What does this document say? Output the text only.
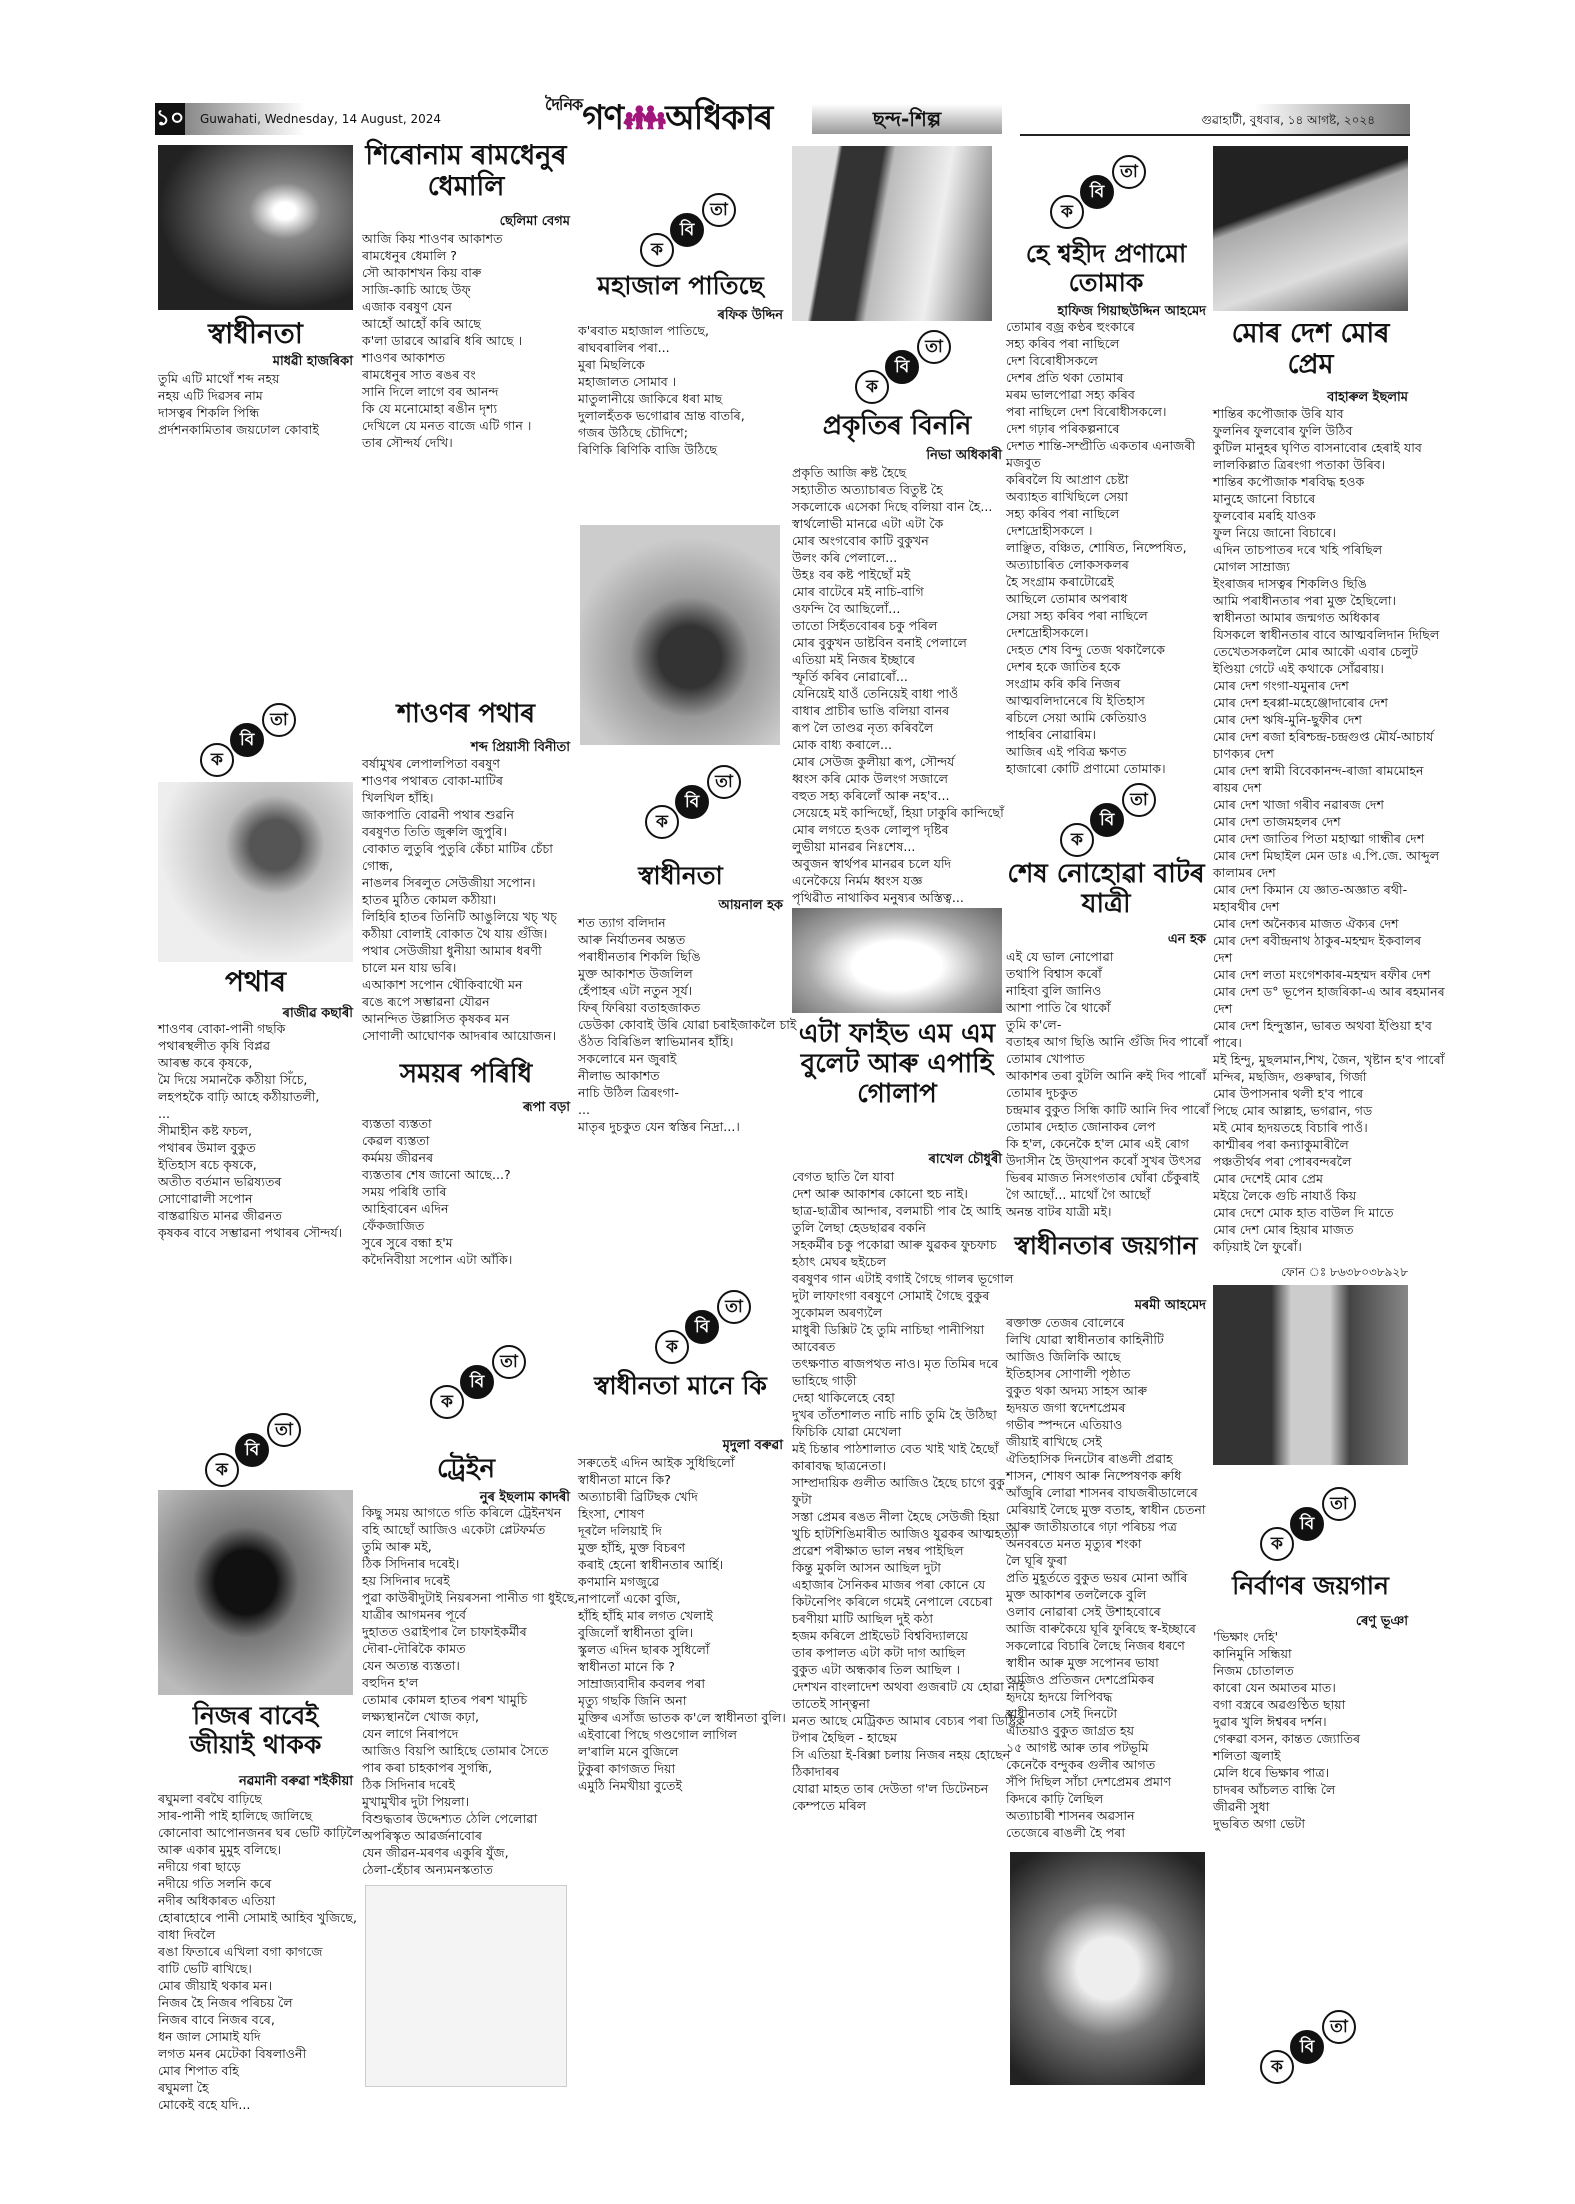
১০ Guwahati, Wednesday, 14 August, 2024
$^{দৈনিক}$গণ👪︎অধিকাৰ	ছন্দ-শিল্প	গুৱাহাটী, বুধবাৰ, ১৪ আগষ্ট, ২০২৪
ক
বি
তা	ক
বি
তা
ক
বি
তা
ক
বি
তা
ক
বি
তা
ক
বি
তা
ক
বি
তা
ক
বি
তা
ক
বি
তা
ক
বি
তা
ক
বি
তা
স্বাধীনতা
মাধৱী হাজৰিকা
তুমি এটি মাথোঁ শব্দ নহয়
নহয় এটি দিৱসৰ নাম
দাসত্বৰ শিকলি পিন্ধি
প্ৰৰ্দশনকামিতাৰ জয়ঢোল কোবাই
শিৰোনাম ৰামধেনুৰ ধেমালি
ছেলিমা বেগম
আজি কিয় শাওণৰ আকাশত
ৰামধেনুৰ ধেমালি ?
সৌ আকাশখন কিয় বাৰু
সাজি-কাচি আছে উফ্
এজাক বৰষুণ যেন
আহোঁ আহোঁ কৰি আছে
ক'লা ডাৱৰে আৱৰি ধৰি আছে ।
শাওণৰ আকাশত
ৰামধেনুৰ সাত ৰঙৰ বং
সানি দিলে লাগে বৰ আনন্দ
কি যে মনোমোহা ৰঙীন দৃশ্য
দেখিলে যে মনত বাজে এটি গান ।
তাৰ সৌন্দৰ্য দেখি।
মহাজাল পাতিছে
ৰফিক উদ্দিন
ক'ৰবাত মহাজাল পাতিছে,
ৰাঘবৰালিৰ পৰা...
মুৰা মিছলিকে
মহাজালত সোমাব ।
মাতুলানীয়ে জাকিৰে ধৰা মাছ
দুলালহঁতক ভগোৱাৰ ভ্ৰান্ত বাতৰি,
গজৰ উঠিছে চৌদিশে;
ৰিণিকি ৰিণিকি বাজি উঠিছে
প্ৰকৃতিৰ বিননি
নিভা অধিকাৰী
প্ৰকৃতি আজি ৰুষ্ট হৈছে
সহ্যাতীত অত্যাচাৰত বিতুষ্ট হৈ
সকলোকে এসেকা দিছে বলিয়া বান হৈ...
স্বাৰ্থলোভী মানৱে এটা এটা কৈ
মোৰ অংগবোৰ কাটি বুকুখন
উলং কৰি পেলালে...
উহঃ বৰ কষ্ট পাইছোঁ মই
মোৰ বাটেৰে মই নাচি-বাগি
ওফন্দি বৈ আছিলোঁ...
তাতো সিহঁতবোৰৰ চকু পৰিল
মোৰ বুকুখন ডাষ্টবিন বনাই পেলালে
এতিয়া মই নিজৰ ইচ্ছাৰে
স্ফূৰ্তি কৰিব নোৱাৰোঁ...
যেনিয়েই যাওঁ তেনিয়েই বাধা পাওঁ
বাধাৰ প্ৰাচীৰ ভাঙি বলিয়া বানৰ
ৰূপ লৈ তাণ্ডৱ নৃত্য কৰিবলৈ
মোক বাধ্য কৰালে...
মোৰ সেউজ কুলীয়া ৰূপ, সৌন্দৰ্য
ধ্বংস কৰি মোক উলংগ সজালে
বহুত সহ্য কৰিলোঁ আৰু নহ'ব...
সেয়েহে মই কান্দিছোঁ, হিয়া ঢাকুৰি কান্দিছোঁ
মোৰ লগতে হওক লোলুপ দৃষ্টিৰ
লুভীয়া মানৱৰ নিঃশেষ...
অবুজন স্বাৰ্থপৰ মানৱৰ চলে যদি
এনেকৈয়ে নিৰ্মম ধ্বংস যজ্ঞ
পৃথিৱীত নাথাকিব মনুষ্যৰ অস্তিত্ব...
হে শ্বহীদ প্ৰণামো তোমাক
হাফিজ গিয়াছউদ্দিন আহমেদ
তোমাৰ বজ্ৰ কণ্ঠৰ হুংকাৰে
সহ্য কৰিব পৰা নাছিলে
দেশ বিৰোধীসকলে
দেশৰ প্ৰতি থকা তোমাৰ
মৰম ভালপোৱা সহ্য কৰিব
পৰা নাছিলে দেশ বিৰোধীসকলে।
দেশ গঢ়াৰ পৰিকল্পনাৰে
দেশত শান্তি-সম্প্ৰীতি একতাৰ এনাজৰী
মজবুত
কৰিবলৈ যি আপ্ৰাণ চেষ্টা
অব্যাহত ৰাখিছিলে সেয়া
সহ্য কৰিব পৰা নাছিলে
দেশদ্ৰোহীসকলে ।
লাঞ্ছিত, বঞ্চিত, শোষিত, নিষ্পেষিত,
অত্যাচাৰিত লোকসকলৰ
হৈ সংগ্ৰাম কৰাটোৱেই
আছিলে তোমাৰ অপৰাধ
সেয়া সহ্য কৰিব পৰা নাছিলে
দেশদ্ৰোহীসকলে।
দেহত শেষ বিন্দু তেজ থকালৈকে
দেশৰ হকে জাতিৰ হকে
সংগ্ৰাম কৰি কৰি নিজৰ
আত্মবলিদানেৰে যি ইতিহাস
ৰচিলে সেয়া আমি কেতিয়াও
পাহৰিব নোৱাৰিম।
আজিৰ এই পবিত্ৰ ক্ষণত
হাজাৰো কোটি প্ৰণামো তোমাক।
মোৰ দেশ মোৰ প্ৰেম
বাহাৰুল ইছলাম
শান্তিৰ কপৌজাক উৰি যাব
ফুলনিৰ ফুলবোৰ ফুলি উঠিব
কুটিল মানুহৰ ঘৃণিত বাসনাবোৰ হেৰাই যাব
লালকিল্লাত ত্ৰিৰংগা পতাকা উৰিব।
শান্তিৰ কপৌজাক শৰবিদ্ধ হওক
মানুহে জানো বিচাৰে
ফুলবোৰ মৰহি যাওক
ফুল নিয়ে জানো বিচাৰে।
এদিন তাচপাতৰ দৰে খহি পৰিছিল
মোগল সাম্ৰাজ্য
ইংৰাজৰ দাসত্বৰ শিকলিও ছিঙি
আমি পৰাধীনতাৰ পৰা মুক্ত হৈছিলো।
স্বাধীনতা আমাৰ জন্মগত অধিকাৰ
যিসকলে স্বাধীনতাৰ বাবে আত্মবলিদান দিছিল
তেখেতসকললৈ মোৰ আকৌ এবাৰ চেলুট
ইণ্ডিয়া গেটে এই কথাকে সোঁৱৰায়।
মোৰ দেশ গংগা-যমুনাৰ দেশ
মোৰ দেশ হৰপ্পা-মহেঞ্জোদাৰোৰ দেশ
মোৰ দেশ ঋষি-মুনি-ছুফীৰ দেশ
মোৰ দেশ ৰজা হৰিশ্চন্দ্ৰ-চন্দ্ৰগুপ্ত মৌৰ্য-আচাৰ্য
চাণক্যৰ দেশ
মোৰ দেশ স্বামী বিবেকানন্দ-ৰাজা ৰামমোহন
ৰায়ৰ দেশ
মোৰ দেশ খাজা গৰীব নৱাৰজ দেশ
মোৰ দেশ তাজমহলৰ দেশ
মোৰ দেশ জাতিৰ পিতা মহাত্মা গান্ধীৰ দেশ
মোৰ দেশ মিছাইল মেন ডাঃ এ.পি.জে. আব্দুল
কালামৰ দেশ
মোৰ দেশ কিমান যে জ্ঞাত-অজ্ঞাত ৰথী-
মহাৰথীৰ দেশ
মোৰ দেশ অনৈক্যৰ মাজত ঐক্যৰ দেশ
মোৰ দেশ ৰবীন্দ্ৰনাথ ঠাকুৰ-মহম্মদ ইকবালৰ
দেশ
মোৰ দেশ লতা মংগেশকাৰ-মহম্মদ ৰফীৰ দেশ
মোৰ দেশ ড° ভূপেন হাজৰিকা-এ আৰ ৰহমানৰ
দেশ
মোৰ দেশ হিন্দুস্তান, ভাৰত অথবা ইণ্ডিয়া হ'ব
পাৰে।
মই হিন্দু, মুছলমান,শিখ, জৈন, খৃষ্টান হ'ব পাৰোঁ
মন্দিৰ, মছজিদ, গুৰুদ্বাৰ, গিৰ্জা
মোৰ উপাসনাৰ থলী হ'ব পাৰে
পিছে মোৰ আল্লাহ, ভগৱান, গড
মই মোৰ হৃদয়তহে বিচাৰি পাওঁ।
কাশ্মীৰৰ পৰা কন্যাকুমাৰীলৈ
পঞ্চতীৰ্থৰ পৰা পোৰবন্দৰলৈ
মোৰ দেশেই মোৰ প্ৰেম
মইয়ে লৈকে গুচি নাযাওঁ কিয়
মোৰ দেশে মোক হাত বাউল দি মাতে
মোৰ দেশ মোৰ হিয়াৰ মাজত
কঢ়িয়াই লৈ ফুৰোঁ।
ফোন ঃ ৮৬৩৮০৩৮৯২৮
পথাৰ
ৰাজীৱ কছাৰী
শাওণৰ বোকা-পানী গছকি
পথাৰস্থলীত কৃষি বিপ্লৱ
আৰম্ভ কৰে কৃষকে,
মৈ দিয়ে সমানকৈ কঠীয়া সিঁচে,
লহপহকৈ বাঢ়ি আহে কঠীয়াতলী,
...
সীমাহীন কষ্ট ফচল,
পথাৰৰ উমাল বুকুত
ইতিহাস ৰচে কৃষকে,
অতীত বৰ্তমান ভৱিষ্যতৰ
সোণোৱালী সপোন
বাস্তৱায়িত মানৱ জীৱনত
কৃষকৰ বাবে সম্ভাৱনা পথাৰৰ সৌন্দৰ্য।
শাওণৰ পথাৰ
শব্দ প্ৰিয়াসী বিনীতা
বৰ্ষামুখৰ লেপালপিতা বৰষুণ
শাওণৰ পথাৰত বোকা-মাটিৰ
খিলখিল হাঁহি।
জাকপাতি বোৱনী পথাৰ শুৱনি
বৰষুণত তিতি জুৰুলি জুপুৰি।
বোকাত লুতুৰি পুতুৰি কেঁচা মাটিৰ চেঁচা
গোন্ধ,
নাঙলৰ সিৰলুত সেউজীয়া সপোন।
হাতৰ মুঠিত কোমল কঠীয়া।
লিহিৰি হাতৰ তিনিটি আঙুলিয়ে খচ্ খচ্
কঠীয়া বোলাই বোকাত থৈ যায় গুঁজি।
পথাৰ সেউজীয়া ধুনীয়া আমাৰ ধৰণী
চালে মন যায় ভৰি।
এআকাশ সপোন থৌকিবাথৌ মন
ৰঙে ৰূপে সম্ভাৱনা যৌৱন
আনন্দিত উল্লাসিত কৃষকৰ মন
সোণালী আঘোণক আদৰাৰ আয়োজন।
স্বাধীনতা
আয়নাল হক
শত ত্যাগ বলিদান
আৰু নিৰ্যাতনৰ অন্তত
পৰাধীনতাৰ শিকলি ছিঙি
মুক্ত আকাশত উজলিল
হেঁপাহৰ এটা নতুন সূৰ্য।
ফিৰ্ ফিৰিয়া বতাহজাকত
ডেউকা কোবাই উৰি যোৱা চৰাইজাকলৈ চাই
ওঁঠত বিৰিঙিল স্বাভিমানৰ হাঁহি।
সকলোৰে মন জুৰাই
নীলাভ আকাশত
নাচি উঠিল ত্ৰিৰংগা-
...
মাতৃৰ দুচকুত যেন স্বস্তিৰ নিদ্ৰা...।
সময়ৰ পৰিধি
ৰূপা বড়া
ব্যস্ততা ব্যস্ততা
কেৱল ব্যস্ততা
কৰ্মময় জীৱনৰ
ব্যস্ততাৰ শেষ জানো আছে...?
সময় পৰিধি তাৰি
আহিবাৰেন এদিন
ফেঁকজাজিত
সুৰে সুৰে বন্ধা হ'ম
কদৈনিবীয়া সপোন এটা আঁকি।
এটা ফাইভ এম এম বুলেট আৰু এপাহি গোলাপ
ৰাখেল চৌধুৰী
বেগত ছাতি লৈ যাবা
দেশ আৰু আকাশৰ কোনো হুচ নাই।
ছাত্ৰ-ছাত্ৰীৰ আন্দাৰ, বলমাচী পাৰ হৈ আহি
তুলি লৈছা হেডছাৱৰ বকনি
সহকৰ্মীৰ চকু পকোৱা আৰু যুৱকৰ ফুচফাচ
হঠাৎ মেঘৰ ছইচেল
বৰষুণৰ গান এটাই বগাই গৈছে গালৰ ভূগোল
দুটা লাফাংগা বৰষুণে সোমাই গৈছে বুকুৰ
সুকোমল অৰণ্যলৈ
মাধুৰী ডিক্সিট হৈ তুমি নাচিছা পানীপিয়া
আবেৰত
তৎক্ষণাত ৰাজপথত নাও। মৃত তিমিৰ দৰে
ভাহিছে গাড়ী
দেহা থাকিলেহে বেহা
দুখৰ তাঁতশালত নাচি নাচি তুমি হৈ উঠিছা
ফিচিকি যোৱা মেখেলা
মই চিন্তাৰ পাঠশালাত বেত খাই খাই হৈছোঁ
কাৰাবদ্ধ ছাত্ৰনেতা।
সাম্প্ৰদায়িক গুলীত আজিও হৈছে চাগে বুকু
ফুটা
সস্তা প্ৰেমৰ ৰঙত নীলা হৈছে সেউজী হিয়া
খুচি হাটশিঙিমাৰীত আজিও যুৱকৰ আত্মহত্যা
প্ৰৱেশ পৰীক্ষাত ভাল নম্বৰ পাইছিল
কিন্তু মুকলি আসন আছিল দুটা
এহাজাৰ সৈনিকৰ মাজৰ পৰা কোনে যে
কিটনেপিং কৰিলে গমেই নেপালে বেচেৰা
চৰণীয়া মাটি আছিল দুই কঠা
হজম কৰিলে প্ৰাইভেট বিশ্ববিদ্যালয়ে
তাৰ কপালত এটা কটা দাগ আছিল
বুকুত এটা অন্ধকাৰ তিল আছিল ।
দেশখন বাংলাদেশ অথবা গুজৰাট যে হোৱা নাই
তাতেই সান্ত্বনা
মনত আছে মেট্ৰিকত আমাৰ বেচ্যৰ পৰা ডিষ্ট্ৰিক
টপাৰ হৈছিল - হাছেম
সি এতিয়া ই-ৰিক্সা চলায় নিজৰ নহয় হোছেন
ঠিকাদাৰৰ
যোৱা মাহত তাৰ দেউতা গ'ল ডিটেনচন
কেম্পতে মৰিল
শেষ নোহোৱা বাটৰ যাত্ৰী
এন হক
এই যে ভাল নোপোৱা
তথাপি বিশ্বাস কৰোঁ
নাহিবা বুলি জানিও
আশা পাতি ৰৈ থাকোঁ
তুমি ক'লে-
বতাহৰ আগ ছিঙি আনি গুঁজি দিব পাৰোঁ
তোমাৰ খোপাত
আকাশৰ তৰা বুটলি আনি ৰুই দিব পাৰোঁ
তোমাৰ দুচকুত
চন্দ্ৰমাৰ বুকুত সিন্ধি কাটি আনি দিব পাৰোঁ
তোমাৰ দেহাত জোনাকৰ লেপ
কি হ'ল, কেনেকৈ হ'ল মোৰ এই ৰোগ
উদাসীন হৈ উদ্‌যাপন কৰোঁ সুখৰ উৎসৱ
ভিৰৰ মাজত নিসংগতাৰ ঘোঁৰা চেঁকুৰাই
গৈ আছোঁ... মাথোঁ গৈ আছোঁ
অনন্ত বাটৰ যাত্ৰী মই।
ট্ৰেইন
নুৰ ইছলাম কাদৰী
কিছু সময় আগতে গতি কৰিলে ট্ৰেইনখন
বহি আছোঁ আজিও একেটা প্লেটফৰ্মত
তুমি আৰু মই,
ঠিক সিদিনাৰ দৰেই।
হয় সিদিনাৰ দৰেই
পুৱা কাউৰীদুটাই নিয়ৰসনা পানীত গা ধুইছে,
যাত্ৰীৰ আগমনৰ পূৰ্বে
দুহাতত ওৱাইপাৰ লৈ চাফাইকৰ্মীৰ
দৌৰা-দৌৰিকৈ কামত
যেন অত্যন্ত ব্যস্ততা।
বহুদিন হ'ল
তোমাৰ কোমল হাতৰ পৰশ খামুচি
লক্ষ্যস্থানলৈ খোজ কঢ়া,
যেন লাগে নিৰাপদে
আজিও বিয়পি আহিছে তোমাৰ সৈতে
পাৰ কৰা চাহকাপৰ সুগন্ধি,
ঠিক সিদিনাৰ দৰেই
মুখামুখীৰ দুটা পিয়লা।
বিশুদ্ধতাৰ উদ্দেশ্যত ঠেলি পেলোৱা
অপৰিস্কৃত আৱৰ্জনাবোৰ
যেন জীৱন-মৰণৰ একুৰি যুঁজ,
ঠেলা-হেঁচাৰ অন্যমনস্কতাত
স্বাধীনতা মানে কি
মৃদুলা বৰুৱা
সৰুতেই এদিন আইক সুধিছিলোঁ
স্বাধীনতা মানে কি?
অত্যাচাৰী ব্ৰিটিছক খেদি
হিংসা, শোষণ
দূৰলৈ দলিয়াই দি
মুক্ত হাঁহি, মুক্ত বিচৰণ
কৰাই হেনো স্বাধীনতাৰ আৰ্হি।
কণমানি মগজুৱে
নাপালোঁ একো বুজি,
হাঁহি হাঁহি মাৰ লগত খেলাই
বুজিলোঁ স্বাধীনতা বুলি।
স্কুলত এদিন ছাৰক সুধিলোঁ
স্বাধীনতা মানে কি ?
সাম্ৰাজ্যবাদীৰ কবলৰ পৰা
মৃত্যু গছকি জিনি অনা
মুক্তিৰ এসাঁজ ভাতক ক'লে স্বাধীনতা বুলি।
এইবাৰো পিছে গণ্ডগোল লাগিল
ল'ৰালি মনে বুজিলে
টুকুৰা কাগজত দিয়া
এমুঠি নিমখীয়া বুতেই
স্বাধীনতাৰ জয়গান
মৰমী আহমেদ
ৰক্তাক্ত তেজৰ বোলেৰে
লিখি যোৱা স্বাধীনতাৰ কাহিনীটি
আজিও জিলিকি আছে
ইতিহাসৰ সোণালী পৃষ্ঠাত
বুকুত থকা অদম্য সাহস আৰু
হৃদয়ত জগা স্বদেশপ্ৰেমৰ
গভীৰ স্পন্দনে এতিয়াও
জীয়াই ৰাখিছে সেই
ঐতিহাসিক দিনটোৰ ৰাঙলী প্ৰৱাহ
শাসন, শোষণ আৰু নিষ্পেষণক ৰুধি
আঁজুৰি লোৱা শাসনৰ বাঘজৰীডালেৰে
মেৰিয়াই লৈছে মুক্ত বতাহ, স্বাধীন চেতনা
আৰু জাতীয়তাৰে গঢ়া পৰিচয় পত্ৰ
অনবৰতে মনত মৃত্যুৰ শংকা
লৈ ঘূৰি ফুৰা
প্ৰতি মুহূৰ্ততে বুকুত ভয়ৰ মোনা আঁৰি
মুক্ত আকাশৰ তললৈকে বুলি
ওলাব নোৱাৰা সেই উশাহবোৰে
আজি বাৰুকৈয়ে ঘূৰি ফুৰিছে স্ব-ইচ্ছাৰে
সকলোৱে বিচাৰি লৈছে নিজৰ ধৰণে
স্বাধীন আৰু মুক্ত সপোনৰ ভাষা
আজিও প্ৰতিজন দেশপ্ৰেমিকৰ
হৃদয়ে হৃদয়ে লিপিবদ্ধ
স্বাধীনতাৰ সেই দিনটো
এতিয়াও বুকুত জাগ্ৰত হয়
১৫ আগষ্ট আৰু তাৰ পটভূমি
কেনেকৈ বন্দুকৰ গুলীৰ আগত
সঁপি দিছিল সাঁচা দেশপ্ৰেমৰ প্ৰমাণ
কিদৰে কাঢ়ি লৈছিল
অত্যাচাৰী শাসনৰ অৱসান
তেজেৰে ৰাঙলী হৈ পৰা
নিৰ্বাণৰ জয়গান
ৰেণু ভূঞা
'ভিক্ষাং দেহি'
কানিমুনি সন্ধিয়া
নিজম চোতালত
কাৰো যেন অমাতৰ মাত।
বগা বস্ত্ৰৰে অৱগুণ্ঠিত ছায়া
দুৱাৰ খুলি ঈশ্বৰৰ দৰ্শন।
গেৰুৱা বসন, কান্তত জ্যোতিৰ
শলিতা জ্বলাই
মেলি ধৰে ভিক্ষাৰ পাত্ৰ।
চাদৰৰ আঁচলত বান্ধি লৈ
জীৱনী সুধা
দুভৰিত অগা ভেটা
নিজৰ বাবেই জীয়াই থাকক
নৱমানী বৰুৱা শইকীয়া
ৰঘুমলা বৰঘৈ বাঢ়িছে
সাৰ-পানী পাই হালিছে জালিছে
কোনোবা আপোনজনৰ ঘৰ ভেটি কাঢ়িলৈ
আৰু একাৰ মুমুহ বলিছে।
নদীয়ে গৰা ছাড়ে
নদীয়ে গতি সলনি কৰে
নদীৰ অধিকাৰত এতিয়া
হোৰাহোৰে পানী সোমাই আহিব খুজিছে,
বাধা দিবলৈ
ৰঙা ফিতাৰে এখিলা বগা কাগজে
বাটি ভেটি ৰাখিছে।
মোৰ জীয়াই থকাৰ মন।
নিজৰ হৈ নিজৰ পৰিচয় লৈ
নিজৰ বাবে নিজৰ বৰে,
ধন জাল সোমাই যদি
লগত মনৰ মেটেকা বিষলাওনী
মোৰ শিপাত বহি
ৰঘুমলা হৈ
মোকেই বহে যদি...
